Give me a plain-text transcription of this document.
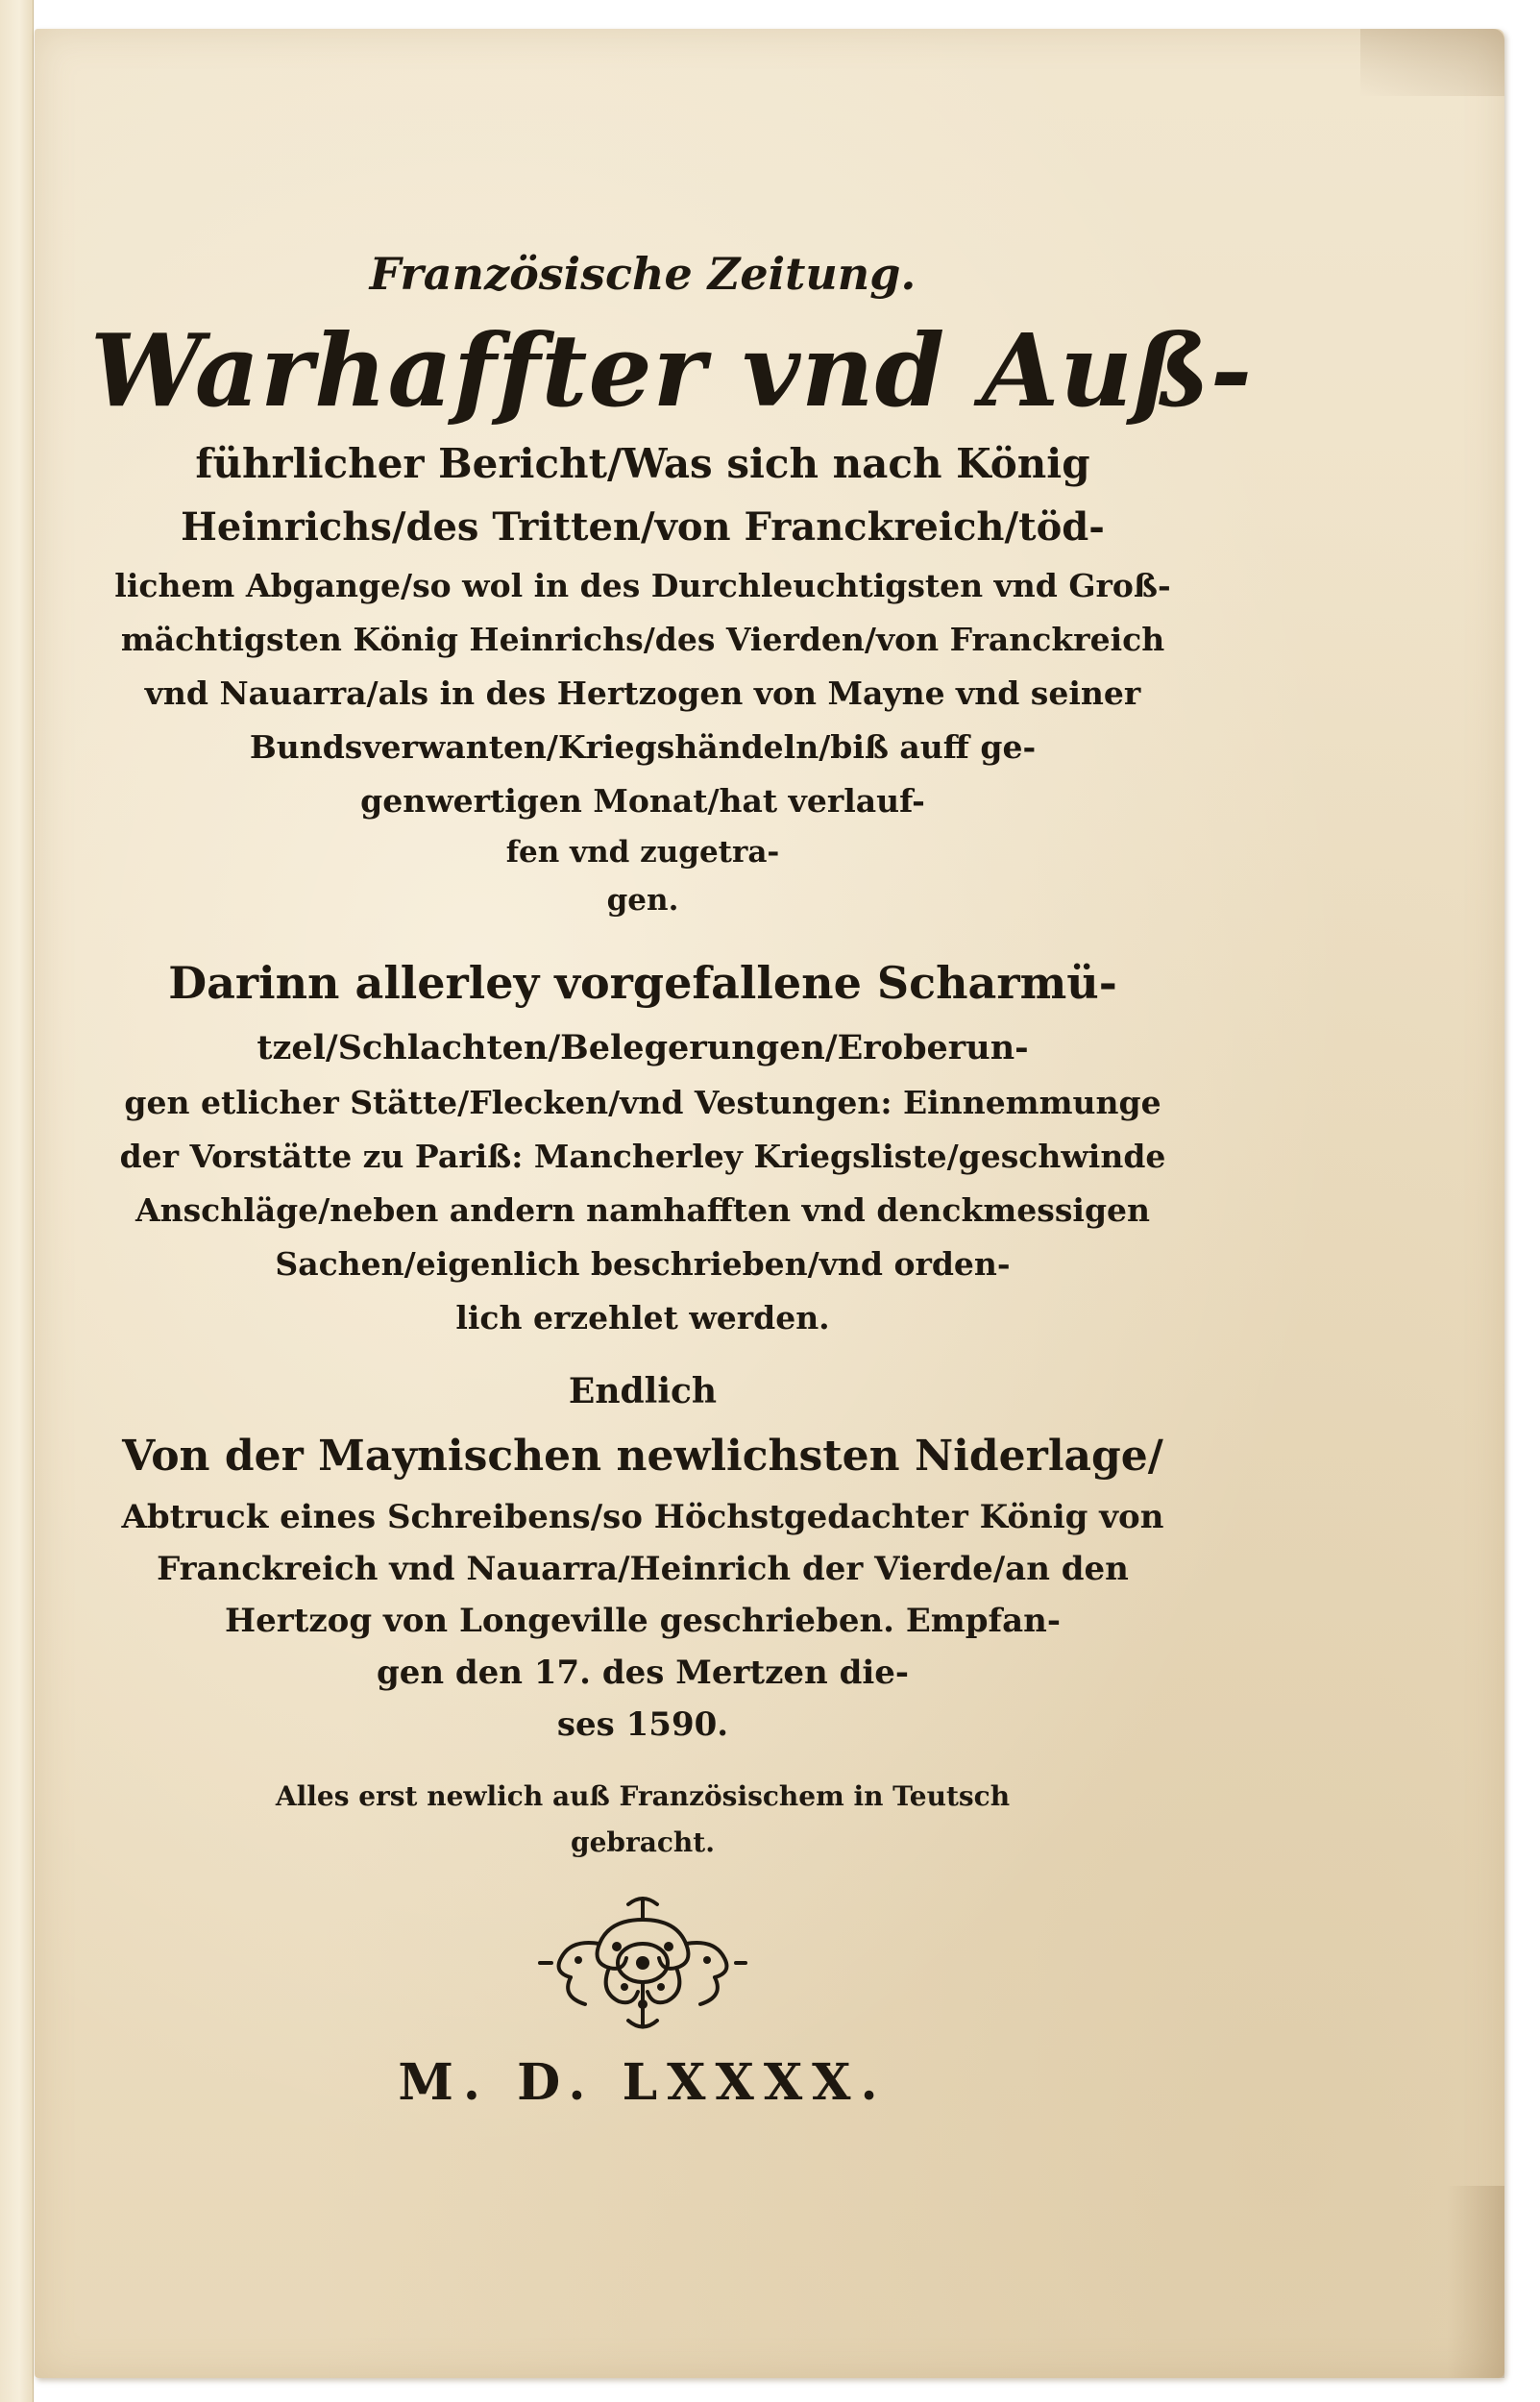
Französische Zeitung.
Warhaffter vnd Auß-
führlicher Bericht/Was sich nach König
Heinrichs/des Tritten/von Franckreich/töd-
lichem Abgange/so wol in des Durchleuchtigsten vnd Groß-
mächtigsten König Heinrichs/des Vierden/von Franckreich
vnd Nauarra/als in des Hertzogen von Mayne vnd seiner
Bundsverwanten/Kriegshändeln/biß auff ge-
genwertigen Monat/hat verlauf-
fen vnd zugetra-
gen.
Darinn allerley vorgefallene Scharmü-
tzel/Schlachten/Belegerungen/Eroberun-
gen etlicher Stätte/Flecken/vnd Vestungen: Einnemmunge
der Vorstätte zu Pariß: Mancherley Kriegsliste/geschwinde
Anschläge/neben andern namhafften vnd denckmessigen
Sachen/eigenlich beschrieben/vnd orden-
lich erzehlet werden.
Endlich
Von der Maynischen newlichsten Niderlage/
Abtruck eines Schreibens/so Höchstgedachter König von
Franckreich vnd Nauarra/Heinrich der Vierde/an den
Hertzog von Longeville geschrieben. Empfan-
gen den 17. des Mertzen die-
ses 1590.
Alles erst newlich auß Französischem in Teutsch
gebracht.
M. D. LXXXX.
